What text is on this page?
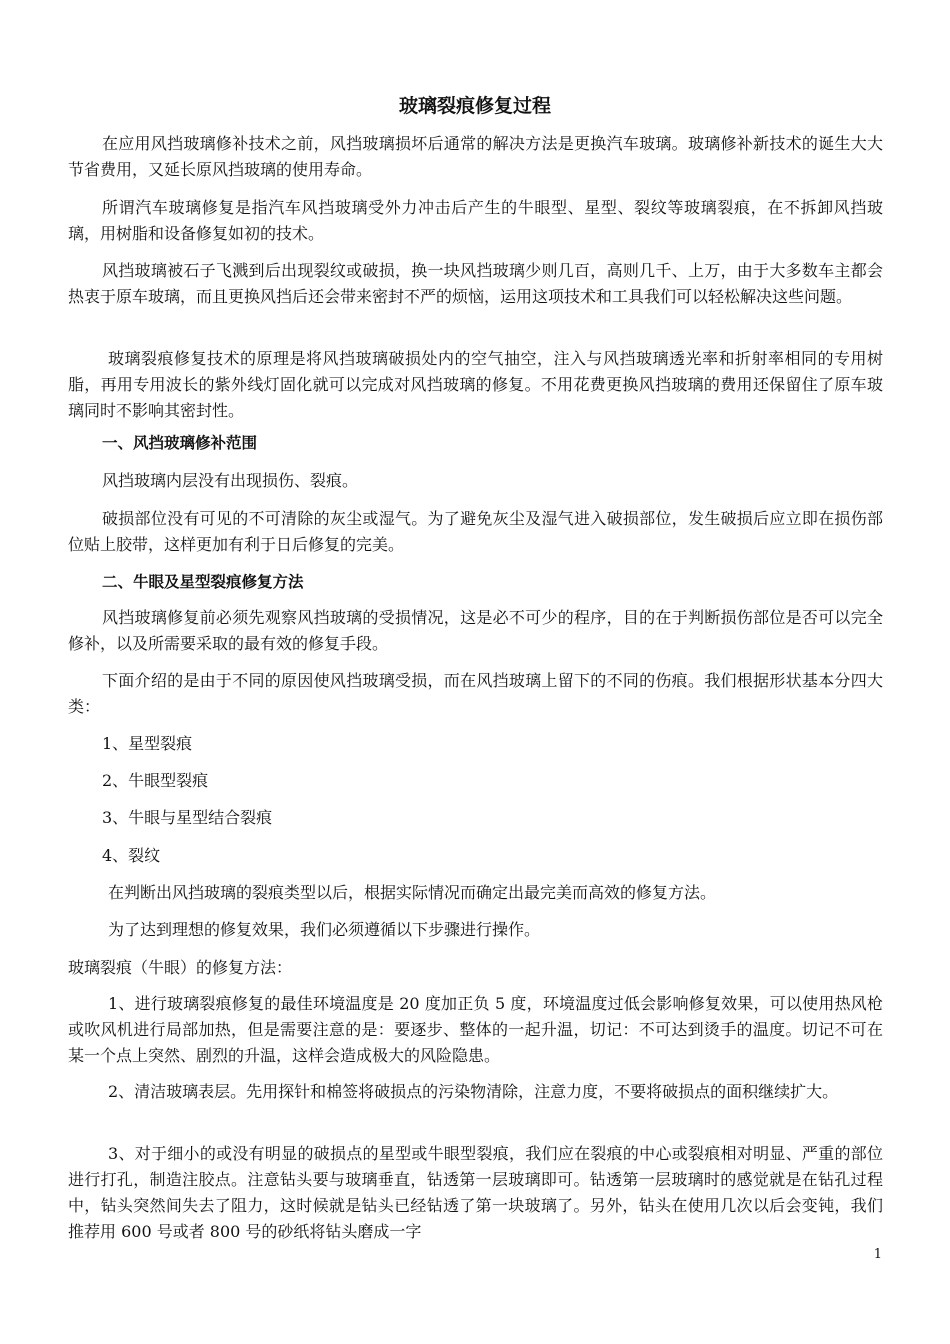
玻璃裂痕修复过程

在应用风挡玻璃修补技术之前，风挡玻璃损坏后通常的解决方法是更换汽车玻璃。玻璃修补新技术的诞生大大节省费用，又延长原风挡玻璃的使用寿命。

所谓汽车玻璃修复是指汽车风挡玻璃受外力冲击后产生的牛眼型、星型、裂纹等玻璃裂痕，在不拆卸风挡玻璃，用树脂和设备修复如初的技术。

风挡玻璃被石子飞溅到后出现裂纹或破损，换一块风挡玻璃少则几百，高则几千、上万，由于大多数车主都会热衷于原车玻璃，而且更换风挡后还会带来密封不严的烦恼，运用这项技术和工具我们可以轻松解决这些问题。

玻璃裂痕修复技术的原理是将风挡玻璃破损处内的空气抽空，注入与风挡玻璃透光率和折射率相同的专用树脂，再用专用波长的紫外线灯固化就可以完成对风挡玻璃的修复。不用花费更换风挡玻璃的费用还保留住了原车玻璃同时不影响其密封性。

一、风挡玻璃修补范围

风挡玻璃内层没有出现损伤、裂痕。

破损部位没有可见的不可清除的灰尘或湿气。为了避免灰尘及湿气进入破损部位，发生破损后应立即在损伤部位贴上胶带，这样更加有利于日后修复的完美。

二、牛眼及星型裂痕修复方法

风挡玻璃修复前必须先观察风挡玻璃的受损情况，这是必不可少的程序，目的在于判断损伤部位是否可以完全修补，以及所需要采取的最有效的修复手段。

下面介绍的是由于不同的原因使风挡玻璃受损，而在风挡玻璃上留下的不同的伤痕。我们根据形状基本分四大类：

1、星型裂痕

2、牛眼型裂痕

3、牛眼与星型结合裂痕

4、裂纹

在判断出风挡玻璃的裂痕类型以后，根据实际情况而确定出最完美而高效的修复方法。

为了达到理想的修复效果，我们必须遵循以下步骤进行操作。

玻璃裂痕（牛眼）的修复方法：

1、进行玻璃裂痕修复的最佳环境温度是 20 度加正负 5 度，环境温度过低会影响修复效果，可以使用热风枪或吹风机进行局部加热，但是需要注意的是：要逐步、整体的一起升温，切记：不可达到烫手的温度。切记不可在某一个点上突然、剧烈的升温，这样会造成极大的风险隐患。

2、清洁玻璃表层。先用探针和棉签将破损点的污染物清除，注意力度，不要将破损点的面积继续扩大。

3、对于细小的或没有明显的破损点的星型或牛眼型裂痕，我们应在裂痕的中心或裂痕相对明显、严重的部位进行打孔，制造注胶点。注意钻头要与玻璃垂直，钻透第一层玻璃即可。钻透第一层玻璃时的感觉就是在钻孔过程中，钻头突然间失去了阻力，这时候就是钻头已经钻透了第一块玻璃了。另外，钻头在使用几次以后会变钝，我们推荐用 600 号或者 800 号的砂纸将钻头磨成一字

1
